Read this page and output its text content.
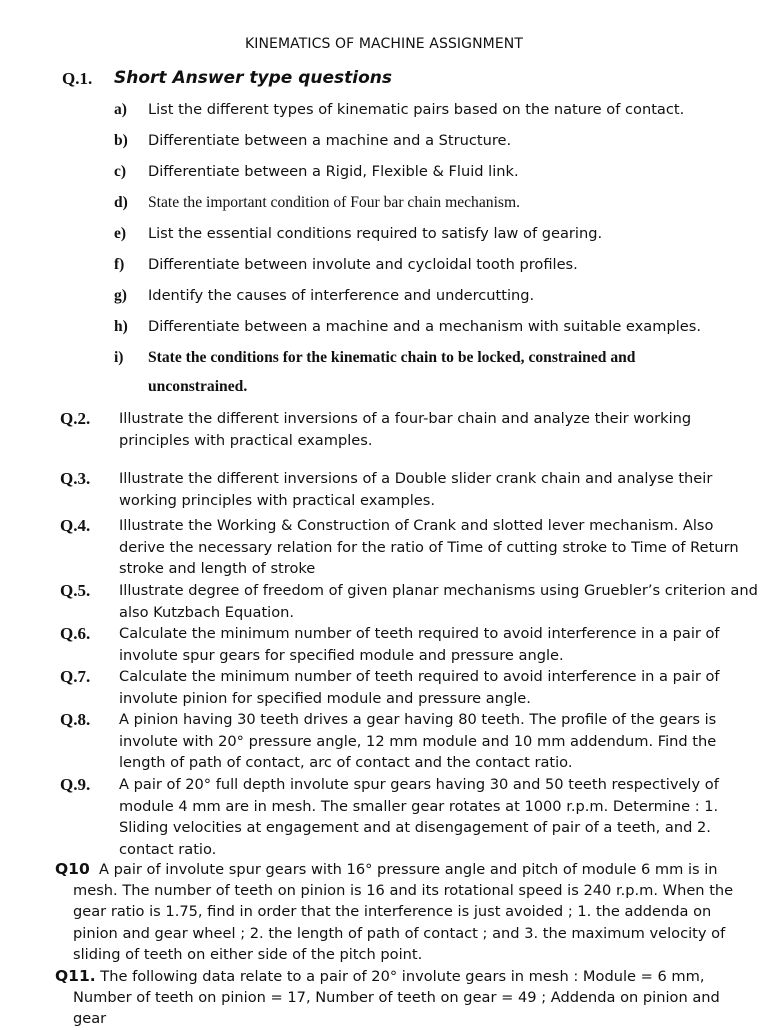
KINEMATICS OF MACHINE ASSIGNMENT
Q.1. Short Answer type questions
a) List the different types of kinematic pairs based on the nature of contact.
b) Differentiate between a machine and a Structure.
c) Differentiate between a Rigid, Flexible & Fluid link.
d) State the important condition of Four bar chain mechanism.
e) List the essential conditions required to satisfy law of gearing.
f) Differentiate between involute and cycloidal tooth profiles.
g) Identify the causes of interference and undercutting.
h) Differentiate between a machine and a mechanism with suitable examples.
i) State the conditions for the kinematic chain to be locked, constrained and unconstrained.
Q.2. Illustrate the different inversions of a four-bar chain and analyze their working principles with practical examples.
Q.3. Illustrate the different inversions of a Double slider crank chain and analyse their working principles with practical examples.
Q.4. Illustrate the Working & Construction of Crank and slotted lever mechanism. Also derive the necessary relation for the ratio of Time of cutting stroke to Time of Return stroke and length of stroke
Q.5. Illustrate degree of freedom of given planar mechanisms using Gruebler’s criterion and also Kutzbach Equation.
Q.6. Calculate the minimum number of teeth required to avoid interference in a pair of involute spur gears for specified module and pressure angle.
Q.7. Calculate the minimum number of teeth required to avoid interference in a pair of involute pinion for specified module and pressure angle.
Q.8. A pinion having 30 teeth drives a gear having 80 teeth. The profile of the gears is involute with 20° pressure angle, 12 mm module and 10 mm addendum. Find the length of path of contact, arc of contact and the contact ratio.
Q.9. A pair of 20° full depth involute spur gears having 30 and 50 teeth respectively of module 4 mm are in mesh. The smaller gear rotates at 1000 r.p.m. Determine : 1. Sliding velocities at engagement and at disengagement of pair of a teeth, and 2. contact ratio.
Q10 A pair of involute spur gears with 16° pressure angle and pitch of module 6 mm is in
mesh. The number of teeth on pinion is 16 and its rotational speed is 240 r.p.m. When the gear ratio is 1.75, find in order that the interference is just avoided ; 1. the addenda on pinion and gear wheel ; 2. the length of path of contact ; and 3. the maximum velocity of sliding of teeth on either side of the pitch point.
Q11. The following data relate to a pair of 20° involute gears in mesh : Module = 6 mm,
Number of teeth on pinion = 17, Number of teeth on gear = 49 ; Addenda on pinion and gear
